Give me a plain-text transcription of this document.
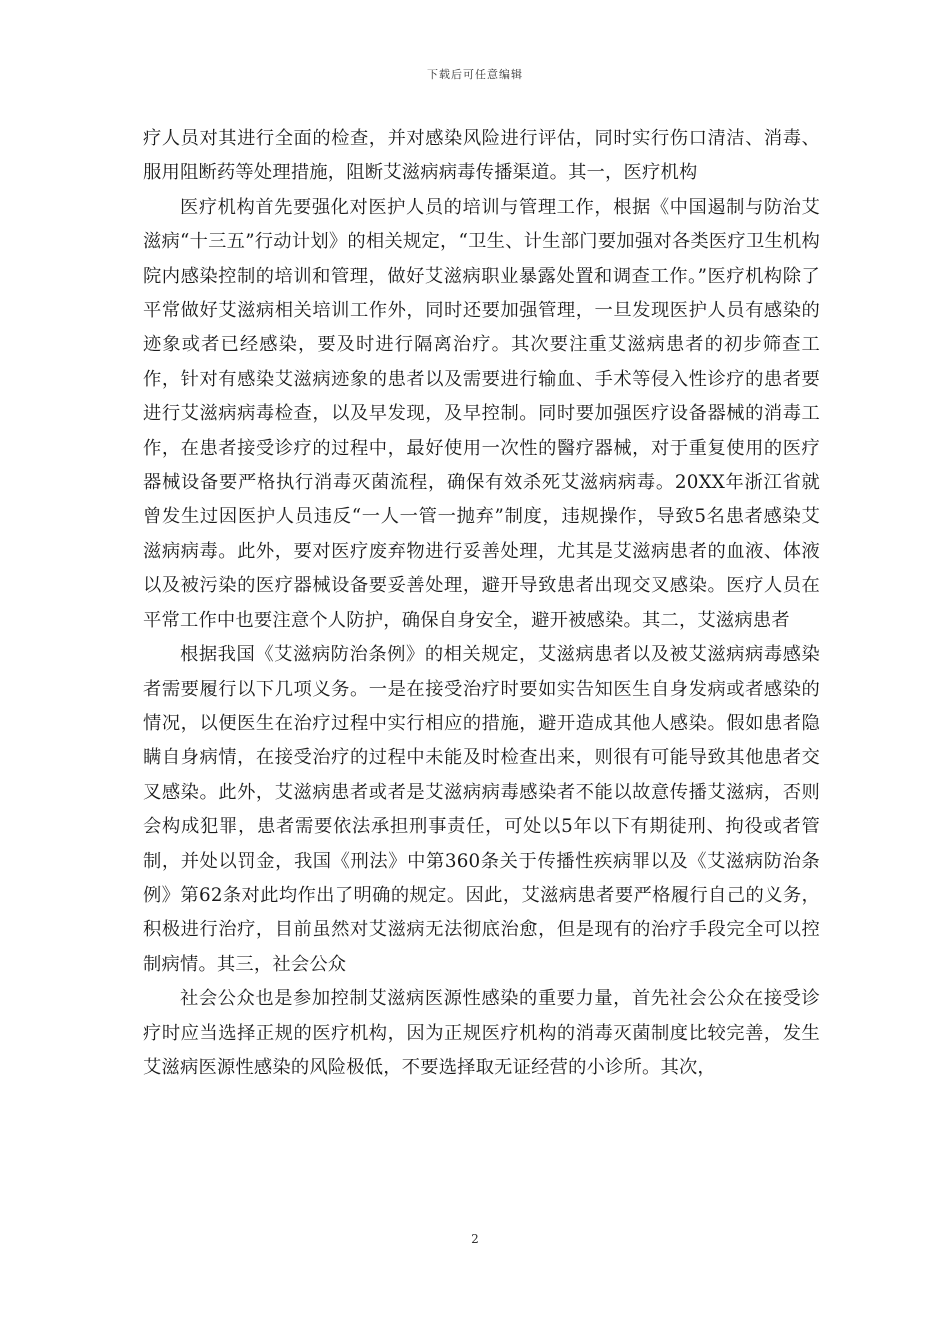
下载后可任意编辑

疗人员对其进行全面的检查，并对感染风险进行评估，同时实行伤口清洁、消毒、服用阻断药等处理措施，阻断艾滋病病毒传播渠道。其一，医疗机构

医疗机构首先要强化对医护人员的培训与管理工作，根据《中国遏制与防治艾滋病“十三五”行动计划》的相关规定，“卫生、计生部门要加强对各类医疗卫生机构院内感染控制的培训和管理，做好艾滋病职业暴露处置和调查工作。”医疗机构除了平常做好艾滋病相关培训工作外，同时还要加强管理，一旦发现医护人员有感染的迹象或者已经感染，要及时进行隔离治疗。其次要注重艾滋病患者的初步筛查工作，针对有感染艾滋病迹象的患者以及需要进行输血、手术等侵入性诊疗的患者要进行艾滋病病毒检查，以及早发现，及早控制。同时要加强医疗设备器械的消毒工作，在患者接受诊疗的过程中，最好使用一次性的醫疗器械，对于重复使用的医疗器械设备要严格执行消毒灭菌流程，确保有效杀死艾滋病病毒。20XX年浙江省就曾发生过因医护人员违反“一人一管一抛弃”制度，违规操作，导致5名患者感染艾滋病病毒。此外，要对医疗废弃物进行妥善处理，尤其是艾滋病患者的血液、体液以及被污染的医疗器械设备要妥善处理，避开导致患者出现交叉感染。医疗人员在平常工作中也要注意个人防护，确保自身安全，避开被感染。其二，艾滋病患者

根据我国《艾滋病防治条例》的相关规定，艾滋病患者以及被艾滋病病毒感染者需要履行以下几项义务。一是在接受治疗时要如实告知医生自身发病或者感染的情况，以便医生在治疗过程中实行相应的措施，避开造成其他人感染。假如患者隐瞒自身病情，在接受治疗的过程中未能及时检查出来，则很有可能导致其他患者交叉感染。此外，艾滋病患者或者是艾滋病病毒感染者不能以故意传播艾滋病，否则会构成犯罪，患者需要依法承担刑事责任，可处以5年以下有期徒刑、拘役或者管制，并处以罚金，我国《刑法》中第360条关于传播性疾病罪以及《艾滋病防治条例》第62条对此均作出了明确的规定。因此，艾滋病患者要严格履行自己的义务，积极进行治疗，目前虽然对艾滋病无法彻底治愈，但是现有的治疗手段完全可以控制病情。其三，社会公众

社会公众也是参加控制艾滋病医源性感染的重要力量，首先社会公众在接受诊疗时应当选择正规的医疗机构，因为正规医疗机构的消毒灭菌制度比较完善，发生艾滋病医源性感染的风险极低，不要选择取无证经营的小诊所。其次，

2
